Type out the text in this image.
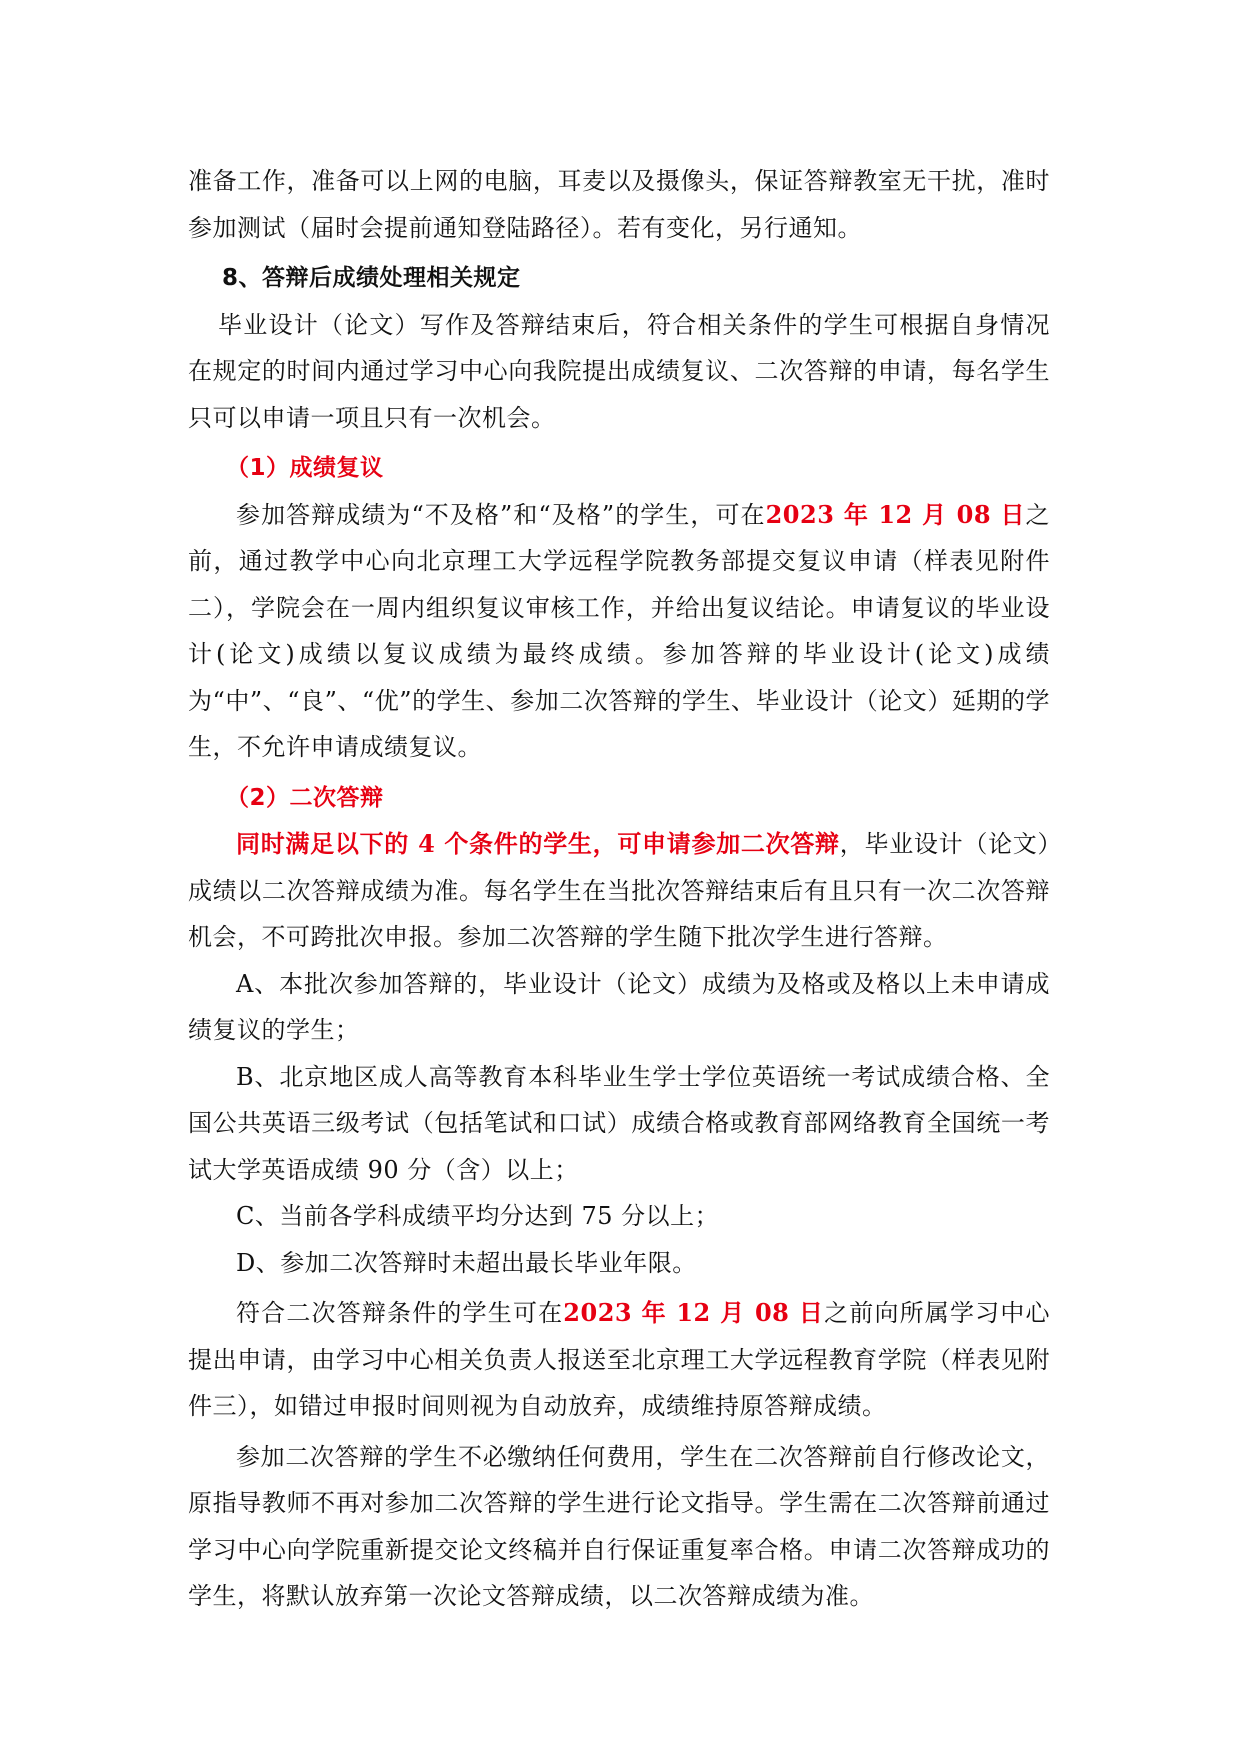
准备工作，准备可以上网的电脑，耳麦以及摄像头，保证答辩教室无干扰，准时参加测试（届时会提前通知登陆路径）。若有变化，另行通知。

8、答辩后成绩处理相关规定

毕业设计（论文）写作及答辩结束后，符合相关条件的学生可根据自身情况在规定的时间内通过学习中心向我院提出成绩复议、二次答辩的申请，每名学生只可以申请一项且只有一次机会。

（1）成绩复议

参加答辩成绩为“不及格”和“及格”的学生，可在2023 年 12 月 08 日之前，通过教学中心向北京理工大学远程学院教务部提交复议申请（样表见附件二），学院会在一周内组织复议审核工作，并给出复议结论。申请复议的毕业设计(论文)成绩以复议成绩为最终成绩。参加答辩的毕业设计(论文)成绩为“中”、“良”、“优”的学生、参加二次答辩的学生、毕业设计（论文）延期的学生，不允许申请成绩复议。

（2）二次答辩

同时满足以下的 4 个条件的学生，可申请参加二次答辩，毕业设计（论文）成绩以二次答辩成绩为准。每名学生在当批次答辩结束后有且只有一次二次答辩机会，不可跨批次申报。参加二次答辩的学生随下批次学生进行答辩。

A、本批次参加答辩的，毕业设计（论文）成绩为及格或及格以上未申请成绩复议的学生；

B、北京地区成人高等教育本科毕业生学士学位英语统一考试成绩合格、全国公共英语三级考试（包括笔试和口试）成绩合格或教育部网络教育全国统一考试大学英语成绩 90 分（含）以上；

C、当前各学科成绩平均分达到 75 分以上；

D、参加二次答辩时未超出最长毕业年限。

符合二次答辩条件的学生可在2023 年 12 月 08 日之前向所属学习中心提出申请，由学习中心相关负责人报送至北京理工大学远程教育学院（样表见附件三），如错过申报时间则视为自动放弃，成绩维持原答辩成绩。

参加二次答辩的学生不必缴纳任何费用，学生在二次答辩前自行修改论文，原指导教师不再对参加二次答辩的学生进行论文指导。学生需在二次答辩前通过学习中心向学院重新提交论文终稿并自行保证重复率合格。申请二次答辩成功的学生，将默认放弃第一次论文答辩成绩，以二次答辩成绩为准。
